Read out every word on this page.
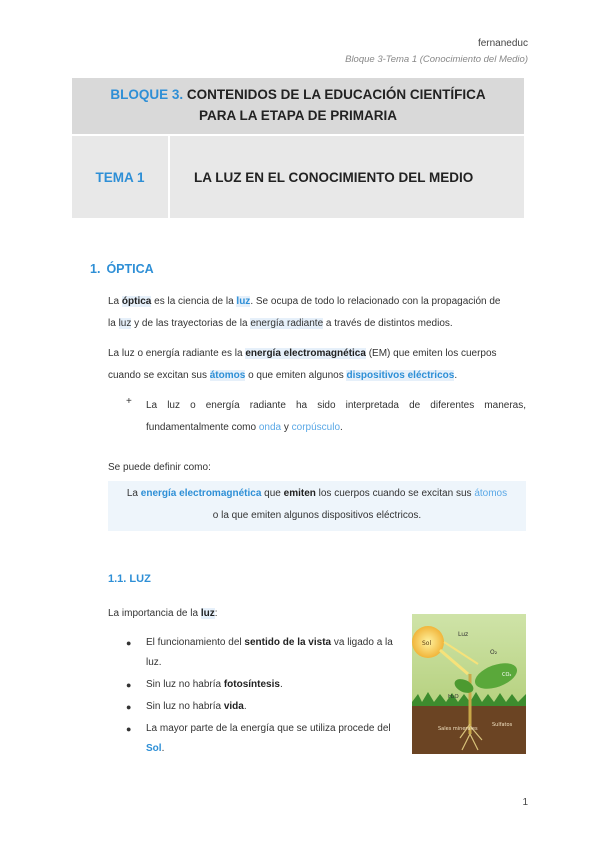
fernaneduc
Bloque 3-Tema 1 (Conocimiento del Medio)
BLOQUE 3. CONTENIDOS DE LA EDUCACIÓN CIENTÍFICA
PARA LA ETAPA DE PRIMARIA
TEMA 1	LA LUZ EN EL CONOCIMIENTO DEL MEDIO
1. ÓPTICA
La óptica es la ciencia de la luz. Se ocupa de todo lo relacionado con la propagación de
la luz y de las trayectorias de la energía radiante a través de distintos medios.
La luz o energía radiante es la energía electromagnética (EM) que emiten los cuerpos
cuando se excitan sus átomos o que emiten algunos dispositivos eléctricos.
+ La luz o energía radiante ha sido interpretada de diferentes maneras, fundamentalmente como onda y corpúsculo.
Se puede definir como:
La energía electromagnética que emiten los cuerpos cuando se excitan sus átomos
o la que emiten algunos dispositivos eléctricos.
1.1. LUZ
La importancia de la luz:
● El funcionamiento del sentido de la vista va ligado a la luz.
● Sin luz no habría fotosíntesis.
● Sin luz no habría vida.
● La mayor parte de la energía que se utiliza procede del Sol.
Sol
Luz
O₂
CO₂
H₂O
Sales minerales
Sulfatos
1
